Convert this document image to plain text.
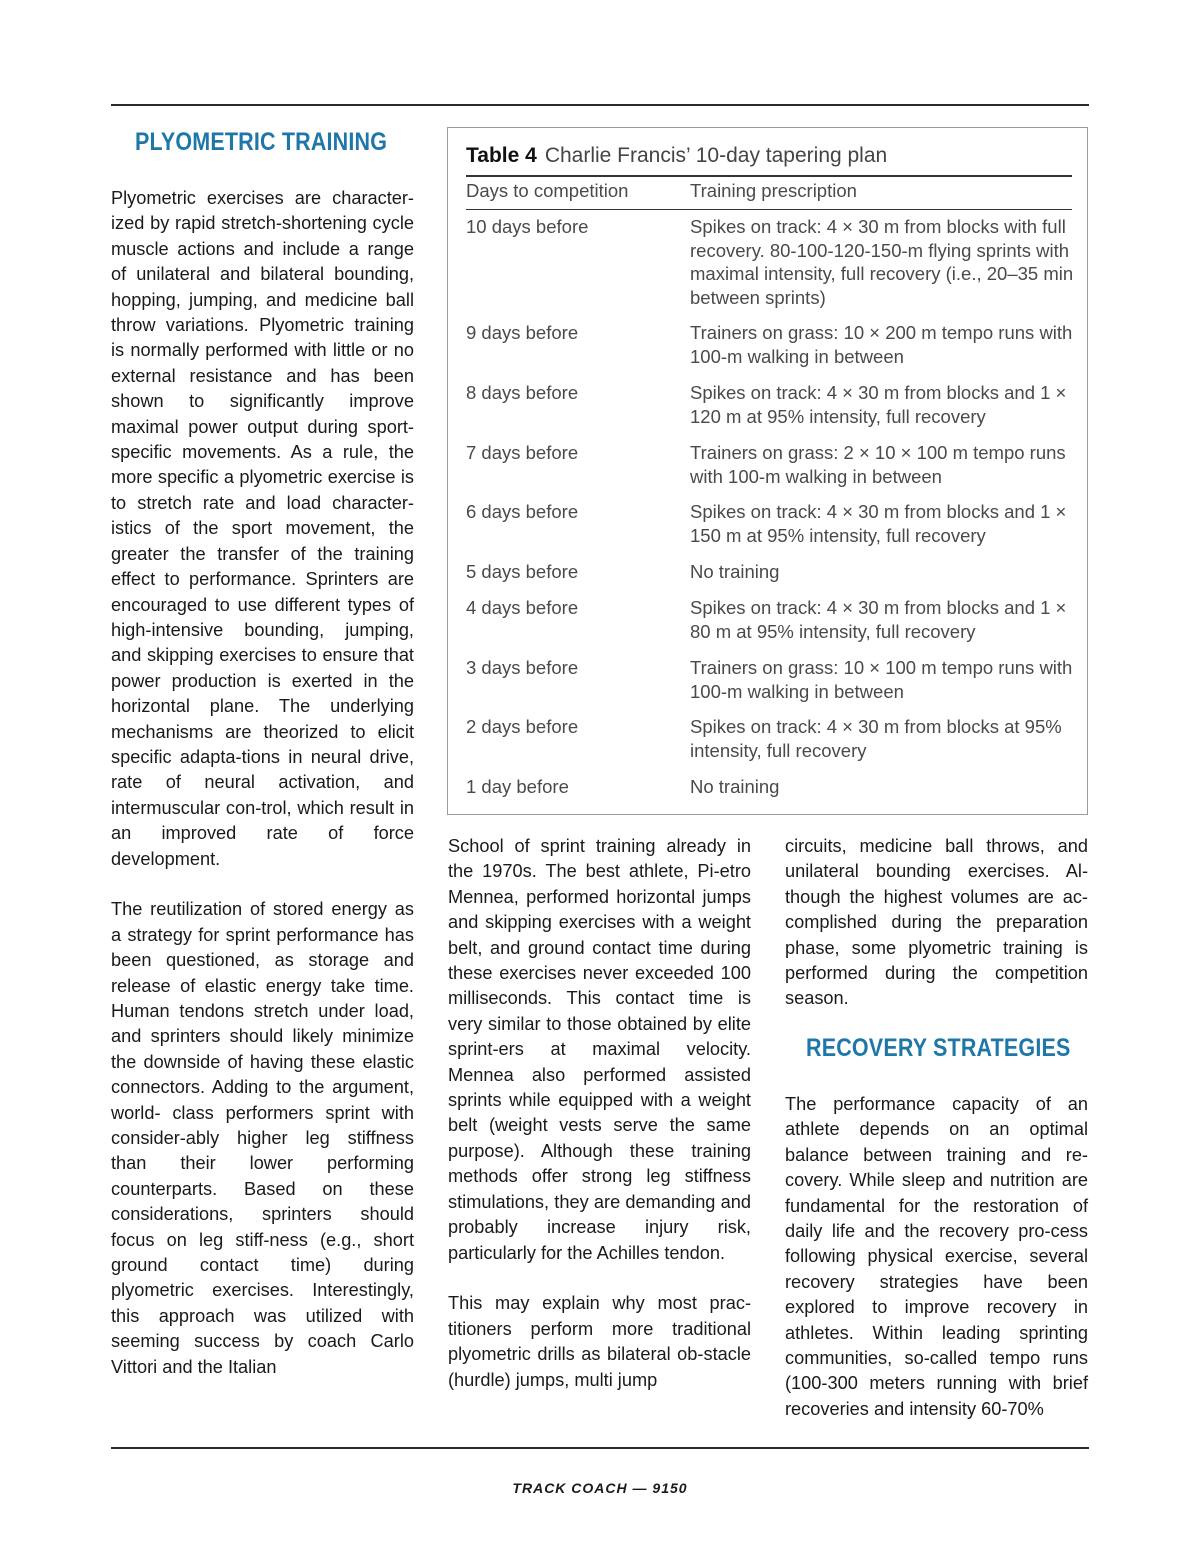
PLYOMETRIC TRAINING

Plyometric exercises are character-ized by rapid stretch-shortening cycle muscle actions and include a range of unilateral and bilateral bounding, hopping, jumping, and medicine ball throw variations. Plyometric training is normally performed with little or no external resistance and has been shown to significantly improve maximal power output during sport-specific movements. As a rule, the more specific a plyometric exercise is to stretch rate and load character-istics of the sport movement, the greater the transfer of the training effect to performance. Sprinters are encouraged to use different types of high-intensive bounding, jumping, and skipping exercises to ensure that power production is exerted in the horizontal plane. The underlying mechanisms are theorized to elicit specific adapta-tions in neural drive, rate of neural activation, and intermuscular con-trol, which result in an improved rate of force development.

The reutilization of stored energy as a strategy for sprint performance has been questioned, as storage and release of elastic energy take time. Human tendons stretch under load, and sprinters should likely minimize the downside of having these elastic connectors. Adding to the argument, world- class performers sprint with consider-ably higher leg stiffness than their lower performing counterparts. Based on these considerations, sprinters should focus on leg stiff-ness (e.g., short ground contact time) during plyometric exercises. Interestingly, this approach was utilized with seeming success by coach Carlo Vittori and the Italian

Table 4 Charlie Francis’ 10-day tapering plan
Days to competition	Training prescription
10 days before	Spikes on track: 4 × 30 m from blocks with full recovery. 80-100-120-150-m flying sprints with maximal intensity, full recovery (i.e., 20–35 min between sprints)
9 days before	Trainers on grass: 10 × 200 m tempo runs with 100-m walking in between
8 days before	Spikes on track: 4 × 30 m from blocks and 1 × 120 m at 95% intensity, full recovery
7 days before	Trainers on grass: 2 × 10 × 100 m tempo runs with 100-m walking in between
6 days before	Spikes on track: 4 × 30 m from blocks and 1 × 150 m at 95% intensity, full recovery
5 days before	No training
4 days before	Spikes on track: 4 × 30 m from blocks and 1 × 80 m at 95% intensity, full recovery
3 days before	Trainers on grass: 10 × 100 m tempo runs with 100-m walking in between
2 days before	Spikes on track: 4 × 30 m from blocks at 95% intensity, full recovery
1 day before	No training

School of sprint training already in the 1970s. The best athlete, Pi-etro Mennea, performed horizontal jumps and skipping exercises with a weight belt, and ground contact time during these exercises never exceeded 100 milliseconds. This contact time is very similar to those obtained by elite sprint-ers at maximal velocity. Mennea also performed assisted sprints while equipped with a weight belt (weight vests serve the same purpose). Although these training methods offer strong leg stiffness stimulations, they are demanding and probably increase injury risk, particularly for the Achilles tendon.

This may explain why most prac-titioners perform more traditional plyometric drills as bilateral ob-stacle (hurdle) jumps, multi jump

circuits, medicine ball throws, and unilateral bounding exercises. Al-though the highest volumes are ac-complished during the preparation phase, some plyometric training is performed during the competition season.

The performance capacity of an athlete depends on an optimal balance between training and re-covery. While sleep and nutrition are fundamental for the restoration of daily life and the recovery pro-cess following physical exercise, several recovery strategies have been explored to improve recovery in athletes. Within leading sprinting communities, so-called tempo runs (100-300 meters running with brief recoveries and intensity 60-70%

RECOVERY STRATEGIES
TRACK COACH — 9150
